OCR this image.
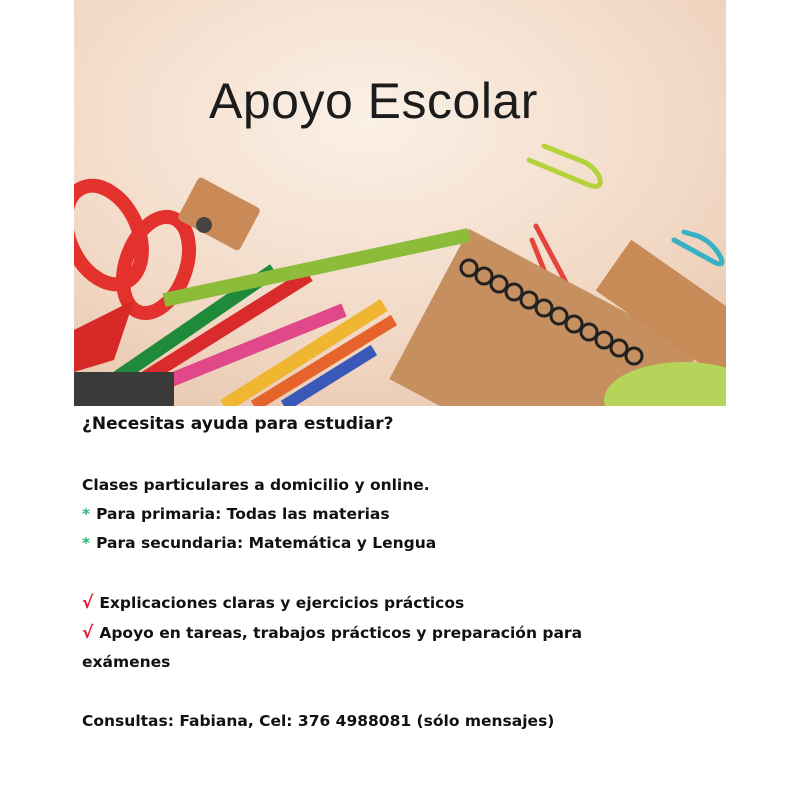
Apoyo Escolar
¿Necesitas ayuda para estudiar?
Clases particulares a domicilio y online.
* Para primaria: Todas las materias
* Para secundaria: Matemática y Lengua
√ Explicaciones claras y ejercicios prácticos
√ Apoyo en tareas, trabajos prácticos y preparación para
exámenes
Consultas: Fabiana, Cel: 376 4988081 (sólo mensajes)
